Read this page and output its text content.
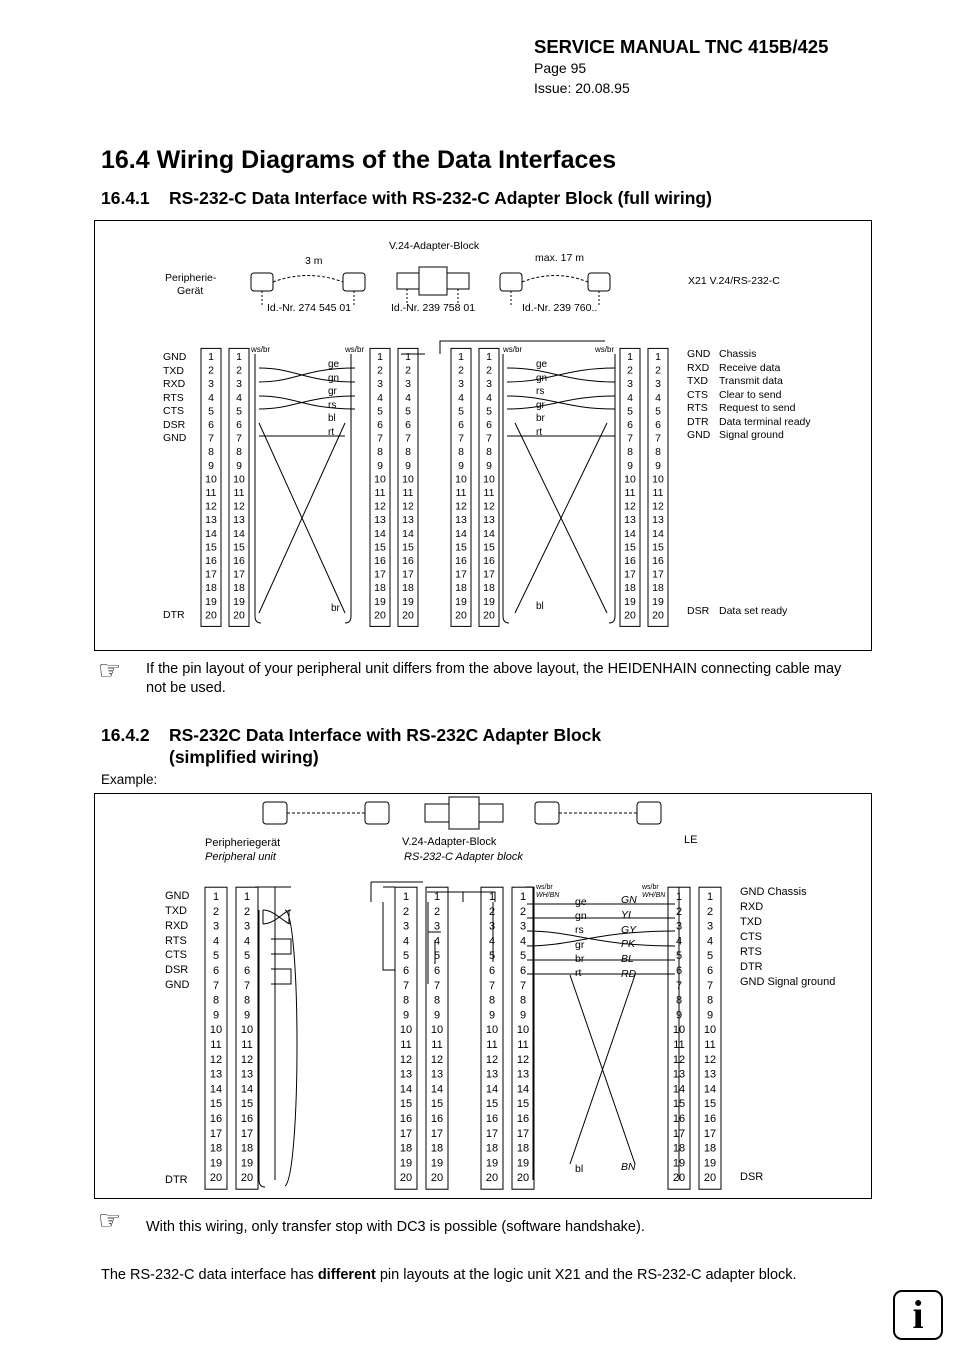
SERVICE MANUAL TNC 415B/425
Page 95
Issue: 20.08.95
16.4 Wiring Diagrams of the Data Interfaces
16.4.1 RS-232-C Data Interface with RS-232-C Adapter Block (full wiring)
Peripherie-
Gerät
3 m
V.24-Adapter-Block
max. 17 m
X21 V.24/RS-232-C
Id.-Nr. 274 545 01	Id.-Nr. 239 758 01	Id.-Nr. 239 760..
1
2
3
4
5
6
7
8
9
10
11
12
13
14
15
16
17
18
19
20
1
2
3
4
5
6
7
8
9
10
11
12
13
14
15
16
17
18
19
20
1
2
3
4
5
6
7
8
9
10
11
12
13
14
15
16
17
18
19
20
1
2
3
4
5
6
7
8
9
10
11
12
13
14
15
16
17
18
19
20
1
2
3
4
5
6
7
8
9
10
11
12
13
14
15
16
17
18
19
20
1
2
3
4
5
6
7
8
9
10
11
12
13
14
15
16
17
18
19
20
1
2
3
4
5
6
7
8
9
10
11
12
13
14
15
16
17
18
19
20
1
2
3
4
5
6
7
8
9
10
11
12
13
14
15
16
17
18
19
20
GND
TXD
RXD
RTS
CTS
DSR
GND
DTR
GND Chassis
RXD Receive data
TXD Transmit data
CTS Clear to send
RTS Request to send
DTR Data terminal ready
GND Signal ground
DSR Data set ready
ws/br	ws/br	ws/br	ws/br
ge
gn
gr
rs
bl
rt
ge
gn
rs
gr
br
rt
br	bl
☞ If the pin layout of your peripheral unit differs from the above layout, the HEIDENHAIN connecting cable may not be used.
16.4.2 RS-232C Data Interface with RS-232C Adapter Block
(simplified wiring)
Example:
Peripheriegerät
Peripheral unit
V.24-Adapter-Block
RS-232-C Adapter block
LE
1
2
3
4
5
6
7
8
9
10
11
12
13
14
15
16
17
18
19
20
1
2
3
4
5
6
7
8
9
10
11
12
13
14
15
16
17
18
19
20
1
2
3
4
5
6
7
8
9
10
11
12
13
14
15
16
17
18
19
20
1
2
3
4
5
6
7
8
9
10
11
12
13
14
15
16
17
18
19
20
1
2
3
4
5
6
7
8
9
10
11
12
13
14
15
16
17
18
19
20
1
2
3
4
5
6
7
8
9
10
11
12
13
14
15
16
17
18
19
20
1
2
3
4
5
6
7
8
9
10
11
12
13
14
15
16
17
18
19
20
1
2
3
4
5
6
7
8
9
10
11
12
13
14
15
16
17
18
19
20
GND
TXD
RXD
RTS
CTS
DSR
GND
DTR
GND Chassis
RXD
TXD
CTS
RTS
DTR
GND Signal ground
DSR
ws/br
WH/BN
ws/br
WH/BN
ge
gn
rs
gr
br
rt
GN
YI
GY
PK
BL
RD
bl	BN
☞ With this wiring, only transfer stop with DC3 is possible (software handshake).
The RS-232-C data interface has different pin layouts at the logic unit X21 and the RS-232-C adapter block.
i
